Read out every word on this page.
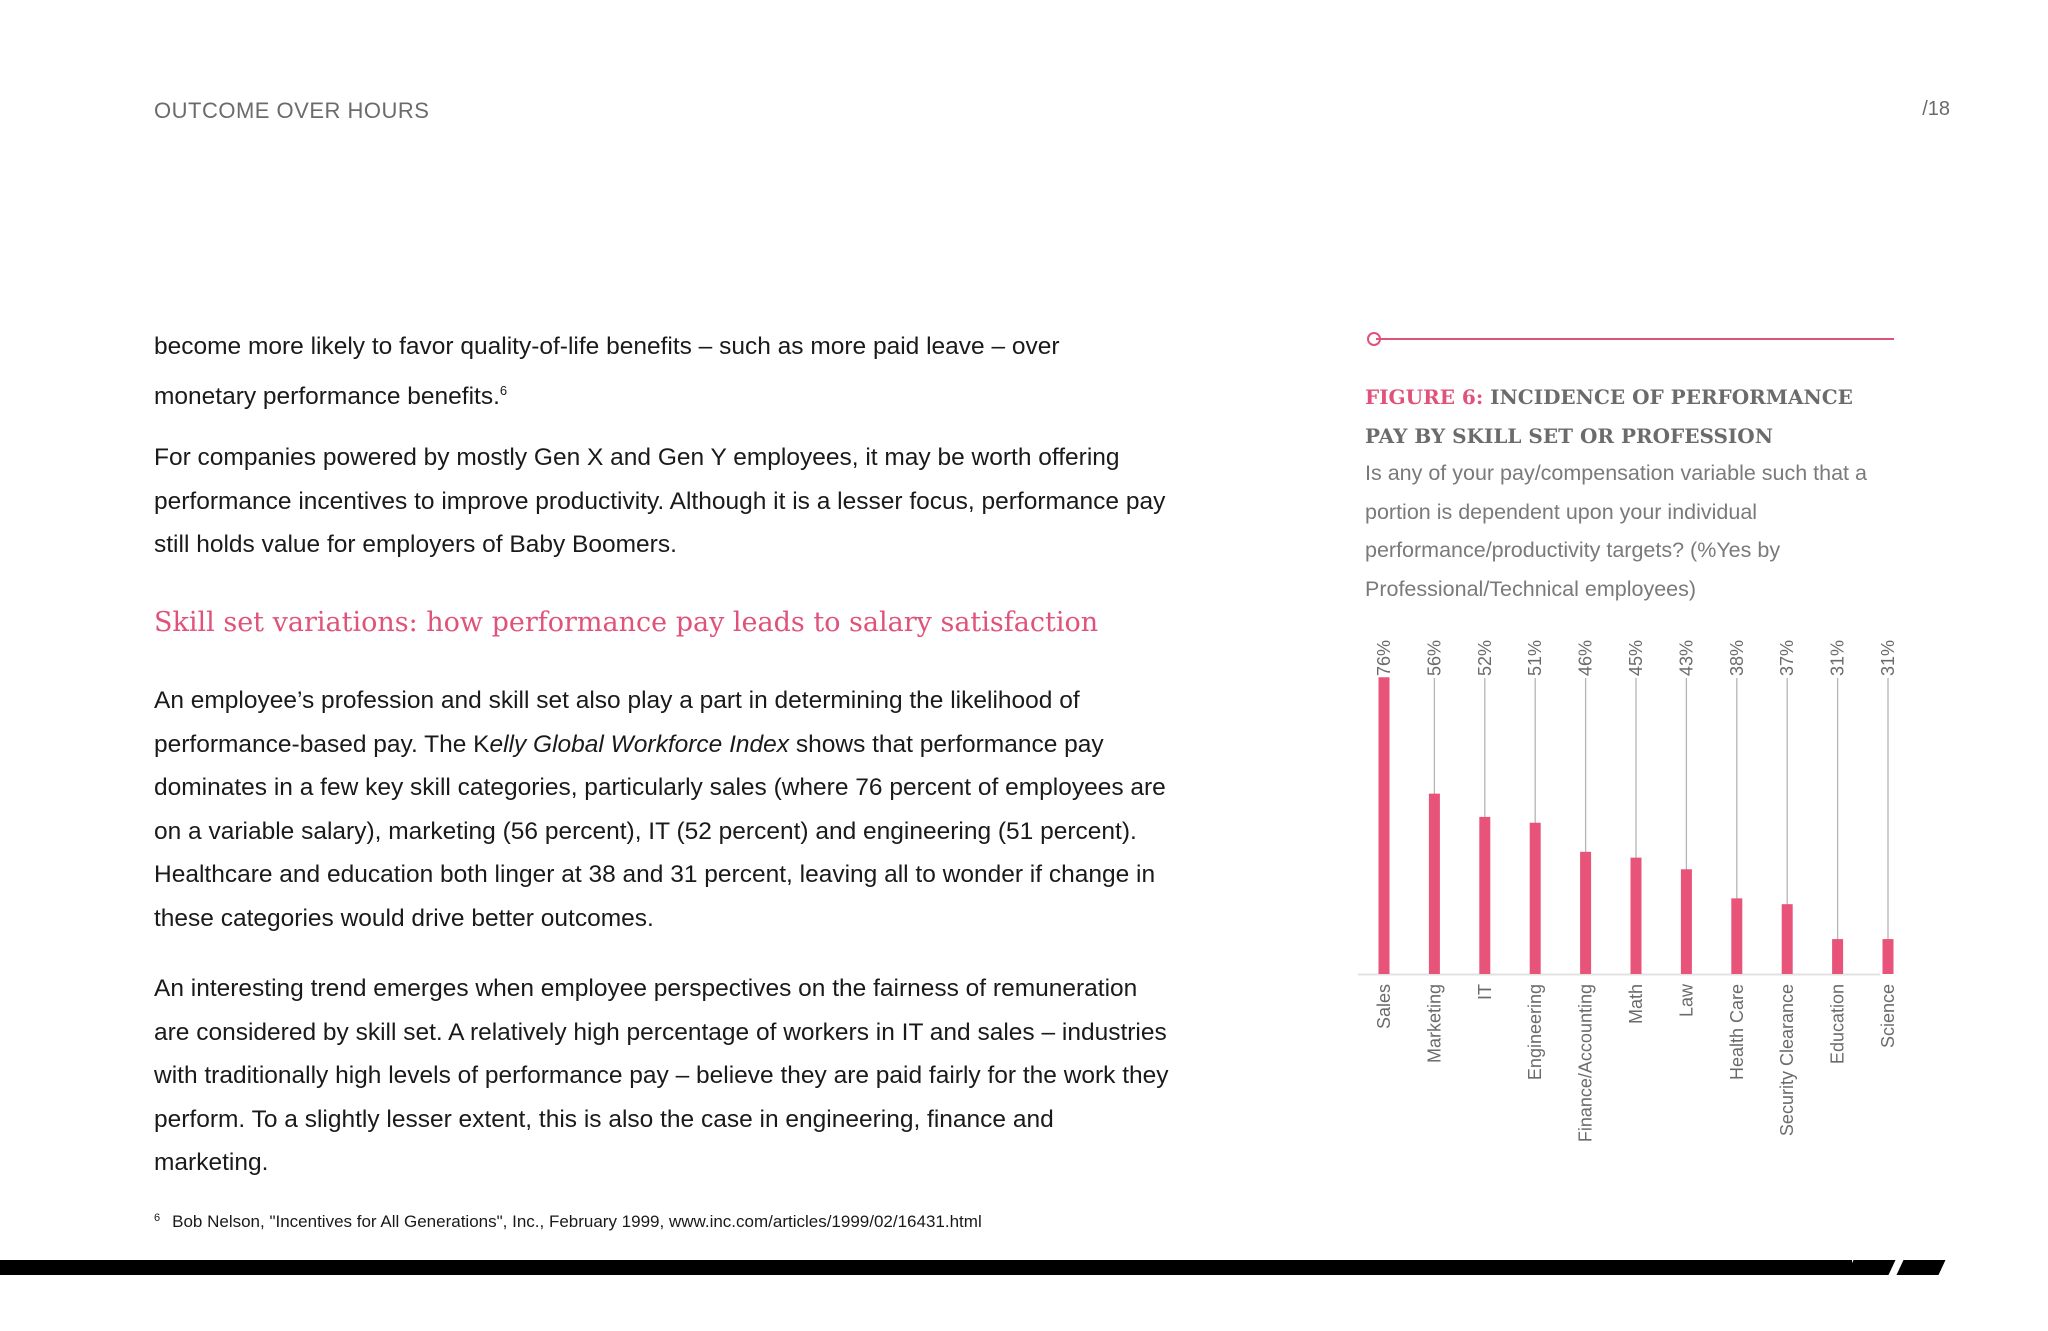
OUTCOME OVER HOURS	/18

become more likely to favor quality-of-life benefits – such as more paid leave – over
monetary performance benefits.$^6$

For companies powered by mostly Gen X and Gen Y employees, it may be worth offering performance incentives to improve productivity. Although it is a lesser focus, performance pay still holds value for employers of Baby Boomers.

Skill set variations: how performance pay leads to salary satisfaction

An employee’s profession and skill set also play a part in determining the likelihood of performance-based pay. The Kelly Global Workforce Index shows that performance pay dominates in a few key skill categories, particularly sales (where 76 percent of employees are on a variable salary), marketing (56 percent), IT (52 percent) and engineering (51 percent). Healthcare and education both linger at 38 and 31 percent, leaving all to wonder if change in these categories would drive better outcomes.

An interesting trend emerges when employee perspectives on the fairness of remuneration are considered by skill set. A relatively high percentage of workers in IT and sales – industries with traditionally high levels of performance pay – believe they are paid fairly for the work they perform. To a slightly lesser extent, this is also the case in engineering, finance and marketing.

$^6$ Bob Nelson, "Incentives for All Generations", Inc., February 1999, www.inc.com/articles/1999/02/16431.html
FIGURE 6: INCIDENCE OF PERFORMANCE PAY BY SKILL SET OR PROFESSION
Is any of your pay/compensation variable such that a portion is dependent upon your individual performance/productivity targets? (%Yes by Professional/Technical employees)
76%
Sales
56%
Marketing
52%
IT
51%
Engineering
46%
Finance/Accounting
45%
Math
43%
Law
38%
Health Care
37%
Security Clearance
31%
Education
31%
Science
